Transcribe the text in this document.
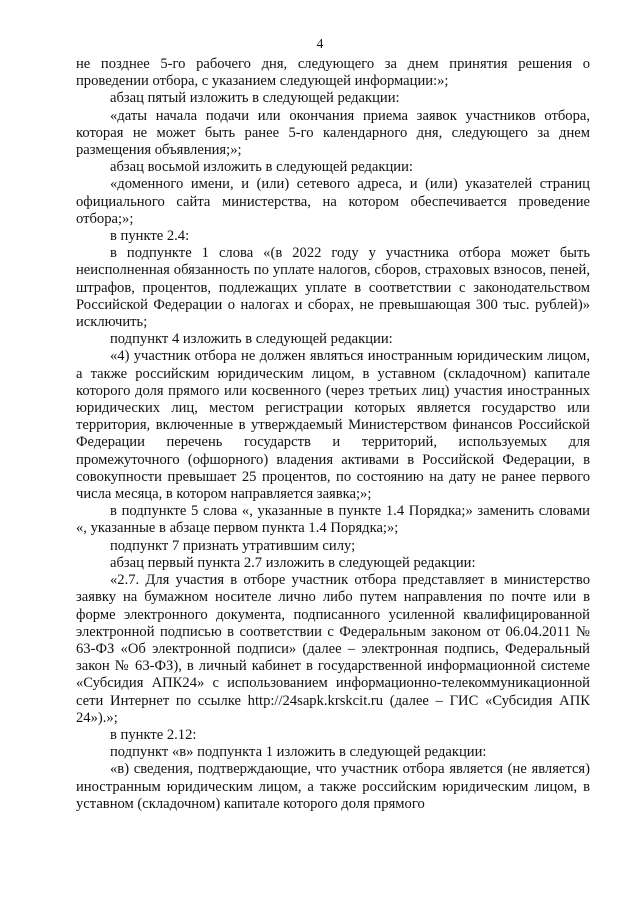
4

не позднее 5-го рабочего дня, следующего за днем принятия решения о проведении отбора, с указанием следующей информации:»;

абзац пятый изложить в следующей редакции:

«даты начала подачи или окончания приема заявок участников отбора, которая не может быть ранее 5-го календарного дня, следующего за днем размещения объявления;»;

абзац восьмой изложить в следующей редакции:

«доменного имени, и (или) сетевого адреса, и (или) указателей страниц официального сайта министерства, на котором обеспечивается проведение отбора;»;

в пункте 2.4:

в подпункте 1 слова «(в 2022 году у участника отбора может быть неисполненная обязанность по уплате налогов, сборов, страховых взносов, пеней, штрафов, процентов, подлежащих уплате в соответствии с законодательством Российской Федерации о налогах и сборах, не превышающая 300 тыс. рублей)» исключить;

подпункт 4 изложить в следующей редакции:

«4) участник отбора не должен являться иностранным юридическим лицом, а также российским юридическим лицом, в уставном (складочном) капитале которого доля прямого или косвенного (через третьих лиц) участия иностранных юридических лиц, местом регистрации которых является государство или территория, включенные в утверждаемый Министерством финансов Российской Федерации перечень государств и территорий, используемых для промежуточного (офшорного) владения активами в Российской Федерации, в совокупности превышает 25 процентов, по состоянию на дату не ранее первого числа месяца, в котором направляется заявка;»;

в подпункте 5 слова «, указанные в пункте 1.4 Порядка;» заменить словами «, указанные в абзаце первом пункта 1.4 Порядка;»;

подпункт 7 признать утратившим силу;

абзац первый пункта 2.7 изложить в следующей редакции:

«2.7. Для участия в отборе участник отбора представляет в министерство заявку на бумажном носителе лично либо путем направления по почте или в форме электронного документа, подписанного усиленной квалифицированной электронной подписью в соответствии с Федеральным законом от 06.04.2011 № 63-ФЗ «Об электронной подписи» (далее – электронная подпись, Федеральный закон № 63-ФЗ), в личный кабинет в государственной информационной системе «Субсидия АПК24» с использованием информационно-телекоммуникационной сети Интернет по ссылке http://24sapk.krskcit.ru (далее – ГИС «Субсидия АПК 24»).»;

в пункте 2.12:

подпункт «в» подпункта 1 изложить в следующей редакции:

«в) сведения, подтверждающие, что участник отбора является (не является) иностранным юридическим лицом, а также российским юридическим лицом, в уставном (складочном) капитале которого доля прямого
